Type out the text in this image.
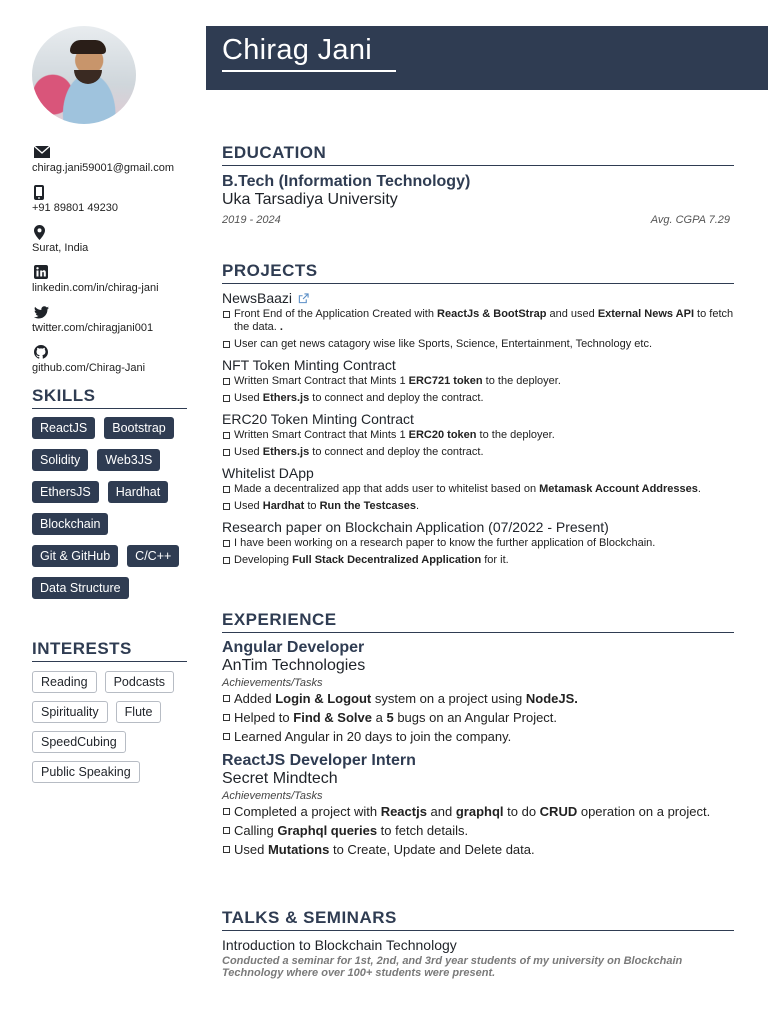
chirag.jani59001@gmail.com
+91 89801 49230
Surat, India
linkedin.com/in/chirag-jani
twitter.com/chiragjani001
github.com/Chirag-Jani
SKILLS
ReactJS	Bootstrap
Solidity	Web3JS
EthersJS	Hardhat
Blockchain
Git & GitHub	C/C++
Data Structure
INTERESTS
Reading	Podcasts
Spirituality	Flute
SpeedCubing
Public Speaking
Chirag Jani
EDUCATION
B.Tech (Information Technology)
Uka Tarsadiya University
2019 - 2024	Avg. CGPA 7.29
PROJECTS
NewsBaazi
Front End of the Application Created with ReactJs & BootStrap and used External News API to fetch the data. .
User can get news catagory wise like Sports, Science, Entertainment, Technology etc.
NFT Token Minting Contract
Written Smart Contract that Mints 1 ERC721 token to the deployer.
Used Ethers.js to connect and deploy the contract.
ERC20 Token Minting Contract
Written Smart Contract that Mints 1 ERC20 token to the deployer.
Used Ethers.js to connect and deploy the contract.
Whitelist DApp
Made a decentralized app that adds user to whitelist based on Metamask Account Addresses.
Used Hardhat to Run the Testcases.
Research paper on Blockchain Application (07/2022 - Present)
I have been working on a research paper to know the further application of Blockchain.
Developing Full Stack Decentralized Application for it.
EXPERIENCE
Angular Developer
AnTim Technologies
Achievements/Tasks
Added Login & Logout system on a project using NodeJS.
Helped to Find & Solve a 5 bugs on an Angular Project.
Learned Angular in 20 days to join the company.
ReactJS Developer Intern
Secret Mindtech
Achievements/Tasks
Completed a project with Reactjs and graphql to do CRUD operation on a project.
Calling Graphql queries to fetch details.
Used Mutations to Create, Update and Delete data.
TALKS & SEMINARS
Introduction to Blockchain Technology
Conducted a seminar for 1st, 2nd, and 3rd year students of my university on Blockchain Technology where over 100+ students were present.
